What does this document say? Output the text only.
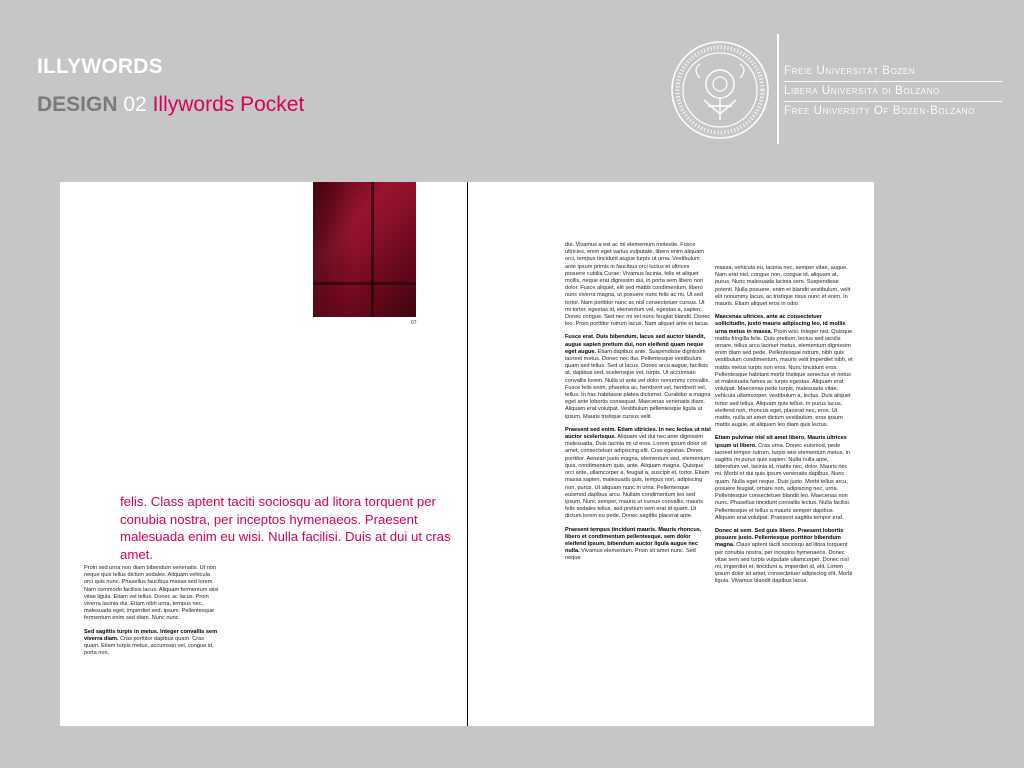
ILLYWORDS
DESIGN 02 Illywords Pocket
Freie Universität Bozen
Libera Università di Bolzano
Free University Of Bozen·Bolzano
07
felis. Class aptent taciti sociosqu ad litora torquent per conubia nostra, per inceptos hymenaeos. Praesent malesuada enim eu wisi. Nulla facilisi. Duis at dui ut cras amet.

Proin sed urna non diam bibendum venenatis. Ut non neque quis tellus dictum sodales. Aliquam vehicula orci quis nunc. Phasellus faucibus massa sed lorem. Nam commodo facilisis lacus. Aliquam fermentum wisi vitae ligula. Etiam vel tellus. Donec ac lacus. Proin viverra lacinia dui. Etiam nibh urna, tempus nec, malesuada eget, imperdiet sed, ipsum. Pellentesque fermentum enim sed diam. Nunc nunc.

Sed sagittis turpis in metus. Integer convallis sem viverra diam. Cras porttitor dapibus quam. Cras quam. Etiam turpis metus, accumsan vel, congue id, porta non,

dui. Vivamus a est ac mi elementum molestie. Fusce ultricies, enim eget varius vulputate, libero enim aliquam orci, tempus tincidunt augue turpis ut urna. Vestibulum ante ipsum primis in faucibus orci luctus et ultrices posuere cubilia Curae; Vivamus lacinia, felis et aliquet mollis, neque erat dignissim dui, in porta sem libero non dolor. Fusce aliquet, elit sed mattis condimentum, libero nunc viverra magna, ut posuere nunc felis ac mi. Ut sed tortor. Nam porttitor nunc ac nisl consectetuer cursus. Ut mi tortor, egestas id, elementum vel, egestas a, sapien. Donec congue. Sed nec mi vel nunc feugiat blandit. Donec leo. Proin porttitor rutrum lacus. Nam aliquet ante et lacus.

Fusce erat. Duis bibendum, lacus sed auctor blandit, augue sapien pretium dui, non eleifend quam neque eget augue. Etiam dapibus ante. Suspendisse dignissim laoreet metus. Donec nec dui. Pellentesque vestibulum quam sed tellus. Sed ut lacus. Donec arcu augue, facilisis at, dapibus sed, scelerisque vel, turpis. Ut accumsan convallis lorem. Nulla ut ante vel dolor nonummy convallis. Fusce felis enim, pharetra ac, hendrerit vel, hendrerit vel, tellus. In hac habitasse platea dictumst. Curabitur a magna eget ante lobortis consequat. Maecenas venenatis diam. Aliquam erat volutpat. Vestibulum pellentesque ligula ut ipsum. Mauris tristique cursus velit.

Praesent sed enim. Etiam ultricies. In nec lectus ut nisl auctor scelerisque. Aliquam vel dui nec ante dignissim malesuada. Duis lacinia mi ut eros. Lorem ipsum dolor sit amet, consectetuer adipiscing elit. Cras egestas. Donec porttitor. Aenean justo magna, elementum sed, elementum quis, condimentum quis, ante. Aliquam magna. Quisque orci ante, ullamcorper a, feugiat a, suscipit et, tortor. Etiam massa sapien, malesuada quis, tempus non, adipiscing non, purus. Ut aliquam nunc in urna. Pellentesque euismod dapibus arcu. Nullam condimentum leo sed ipsum. Nunc semper, mauris ut cursus convallis, mauris felis sodales tellus, sed pretium sem erat id quam. Ut dictum lorem eu pede. Donec sagittis placerat ante.

Praesent tempus tincidunt mauris. Mauris rhoncus, libero et condimentum pellentesque, sem dolor eleifend ipsum, bibendum auctor ligula augue nec nulla. Vivamus elementum. Proin sit amet nunc. Sed neque

massa, vehicula eu, lacinia nec, semper vitae, augue. Nam erat nisl, congue non, congue id, aliquam at, purus. Nunc malesuada lacinia sem. Suspendisse potenti. Nulla posuere, enim et blandit vestibulum, velit elit nonummy lacus, ac tristique risus nunc et enim. In mauris. Etiam aliquet eros in odio.

Maecenas ultrices, ante ac consectetuer sollicitudin, justo mauris adipiscing leo, id mollis urna metus in massa. Proin wisi. Integer nisl. Quisque mattis fringilla felis. Duis pretium, lectus sed iaculis ornare, tellus arcu laoreet metus, elementum dignissim enim diam sed pede. Pellentesque rutrum, nibh quis vestibulum condimentum, mauris velit imperdiet nibh, et mattis metus turpis non eros. Nunc tincidunt eros. Pellentesque habitant morbi tristique senectus et netus et malesuada fames ac turpis egestas. Aliquam erat volutpat. Maecenas pede turpis, malesuada vitae, vehicula ullamcorper, vestibulum a, lectus. Duis aliquet tortor sed tellus. Aliquam quis tellus. In purus lacus, eleifend non, rhoncus eget, placerat nec, eros. Ut mattis, nulla sit amet dictum vestibulum, eros ipsum mattis augue, at aliquam leo diam quis lectus.

Etiam pulvinar nisl sit amet libero. Mauris ultrices ipsum ut libero. Cras urna. Donec euismod, pede laoreet tempor rutrum, turpis wisi elementum metus, in sagittis mi purus quis sapien. Nulla nulla ante, bibendum vel, lacinia id, mattis nec, dolor. Mauris nec mi. Morbi et dui quis ipsum venenatis dapibus. Nunc quam. Nulla eget neque. Duis justo. Morbi tellus arcu, posuere feugiat, ornare non, adipiscing nec, urna. Pellentesque consectetuer blandit leo. Maecenas non nunc. Phasellus tincidunt convallis lectus. Nulla facilisi. Pellentesque et tellus a mauris semper dapibus. Aliquam erat volutpat. Praesent sagittis tempor erat.

Donec at sem. Sed quis libero. Praesent lobortis posuere justo. Pellentesque porttitor bibendum magna. Class aptent taciti sociosqu ad litora torquent per conubia nostra, per inceptos hymenaeos. Donec vitae sem sed turpis vulputate ullamcorper. Donec nisl mi, imperdiet et, tincidunt a, imperdiet id, elit. Lorem ipsum dolor sit amet, consectetuer adipiscing elit. Morbi ligula. Vivamus blandit dapibus lacus.
